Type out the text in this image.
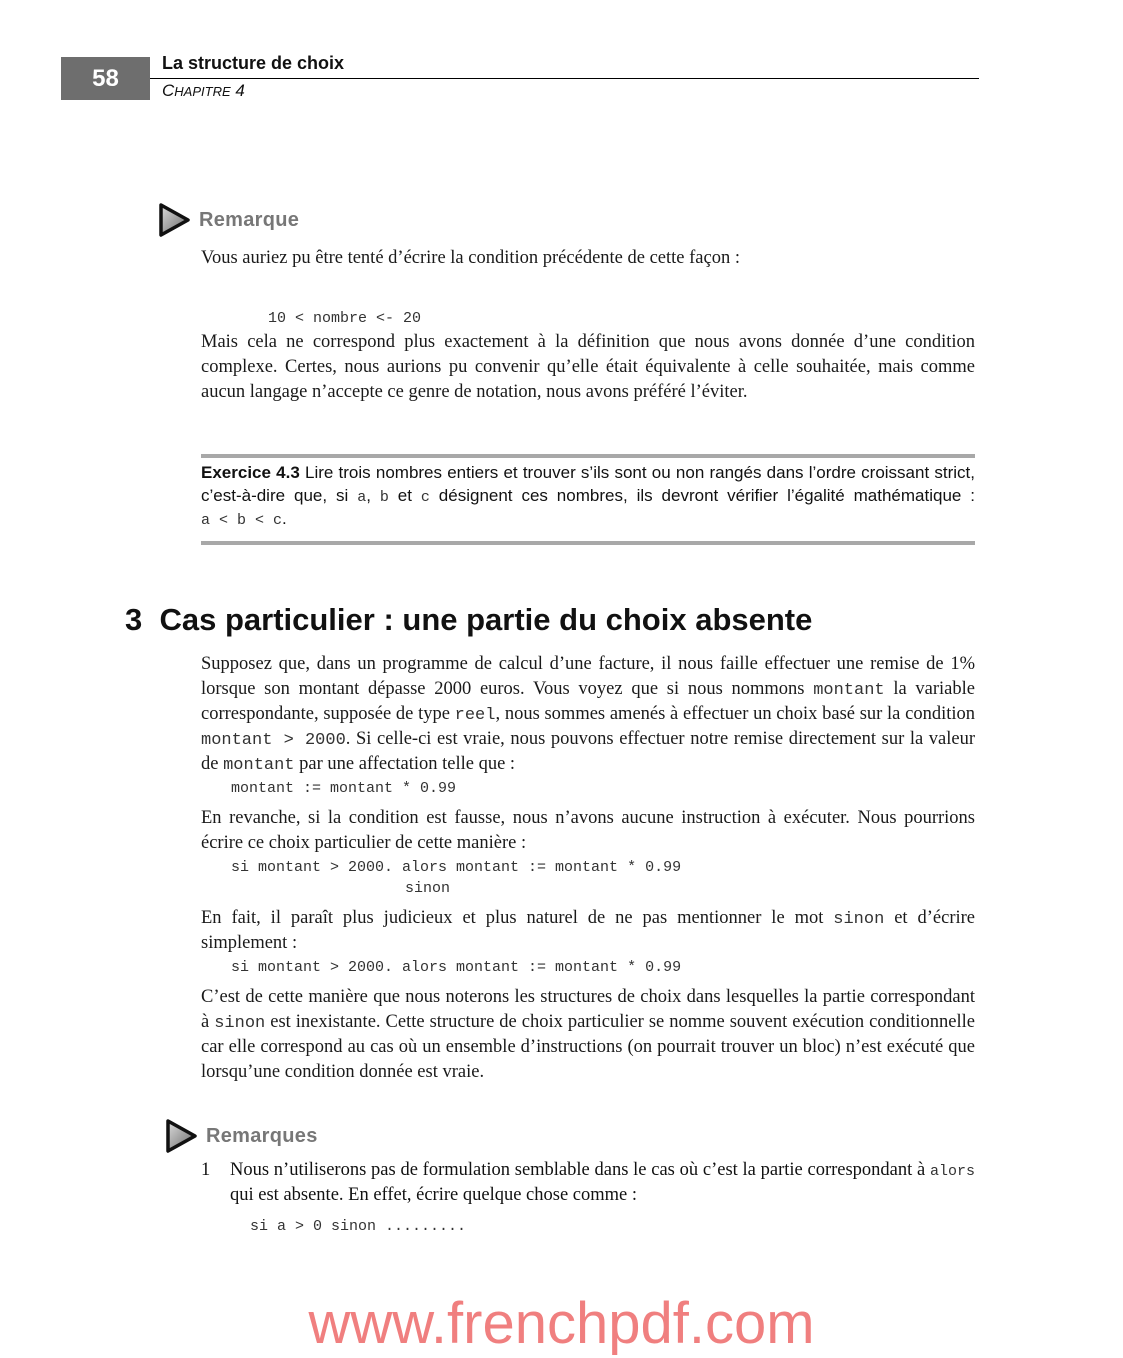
58
La structure de choix
CHAPITRE 4
Remarque
Vous auriez pu être tenté d’écrire la condition précédente de cette façon :
10 < nombre <- 20
Mais cela ne correspond plus exactement à la définition que nous avons donnée d’une condition complexe. Certes, nous aurions pu convenir qu’elle était équivalente à celle souhaitée, mais comme aucun langage n’accepte ce genre de notation, nous avons préféré l’éviter.
Exercice 4.3 Lire trois nombres entiers et trouver s’ils sont ou non rangés dans l’ordre croissant strict, c’est-à-dire que, si a, b et c désignent ces nombres, ils devront vérifier l’égalité mathématique : a < b < c.
3  Cas particulier : une partie du choix absente
Supposez que, dans un programme de calcul d’une facture, il nous faille effectuer une remise de 1% lorsque son montant dépasse 2000 euros. Vous voyez que si nous nommons montant la variable correspondante, supposée de type reel, nous sommes amenés à effectuer un choix basé sur la condition montant > 2000. Si celle-ci est vraie, nous pouvons effectuer notre remise directement sur la valeur de montant par une affectation telle que :
montant := montant * 0.99
En revanche, si la condition est fausse, nous n’avons aucune instruction à exécuter. Nous pourrions écrire ce choix particulier de cette manière :
si montant > 2000. alors montant := montant * 0.99
sinon
En fait, il paraît plus judicieux et plus naturel de ne pas mentionner le mot sinon et d’écrire simplement :
si montant > 2000. alors montant := montant * 0.99
C’est de cette manière que nous noterons les structures de choix dans lesquelles la partie correspondant à sinon est inexistante. Cette structure de choix particulier se nomme souvent exécution conditionnelle car elle correspond au cas où un ensemble d’instructions (on pourrait trouver un bloc) n’est exécuté que lorsqu’une condition donnée est vraie.
Remarques
1	Nous n’utiliserons pas de formulation semblable dans le cas où c’est la partie correspondant à alors qui est absente. En effet, écrire quelque chose comme :
si a > 0 sinon .........
www.frenchpdf.com
